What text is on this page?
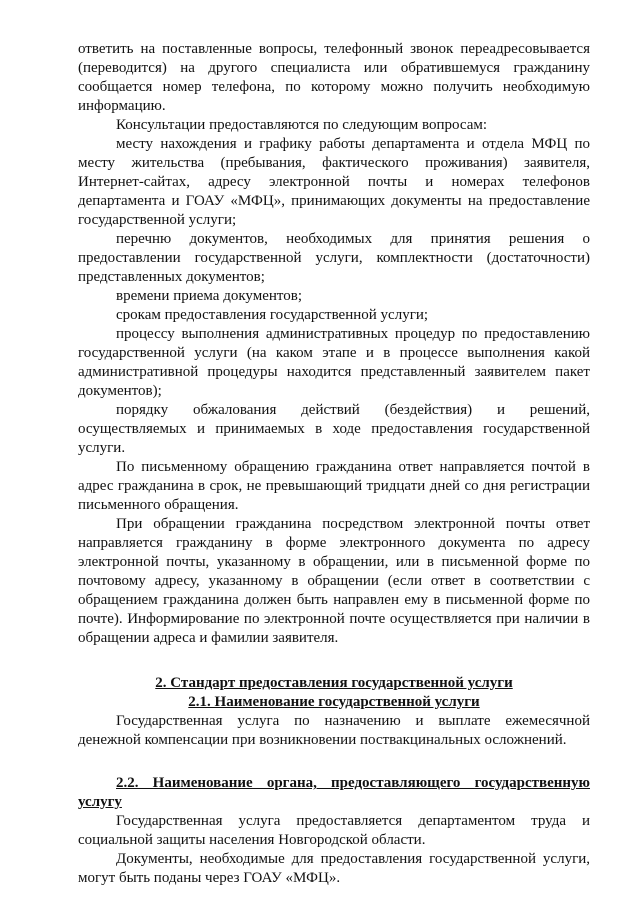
ответить на поставленные вопросы, телефонный звонок переадресовывается (переводится) на другого специалиста или обратившемуся гражданину сообщается номер телефона, по которому можно получить необходимую информацию.

Консультации предоставляются по следующим вопросам:

месту нахождения и графику работы департамента и отдела МФЦ по месту жительства (пребывания, фактического проживания) заявителя, Интернет-сайтах, адресу электронной почты и номерах телефонов департамента и ГОАУ «МФЦ», принимающих документы на предоставление государственной услуги;

перечню документов, необходимых для принятия решения о предоставлении государственной услуги, комплектности (достаточности) представленных документов;

времени приема документов;

срокам предоставления государственной услуги;

процессу выполнения административных процедур по предоставлению государственной услуги (на каком этапе и в процессе выполнения какой административной процедуры находится представленный заявителем пакет документов);

порядку обжалования действий (бездействия) и решений, осуществляемых и принимаемых в ходе предоставления государственной услуги.

По письменному обращению гражданина ответ направляется почтой в адрес гражданина в срок, не превышающий тридцати дней со дня регистрации письменного обращения.

При обращении гражданина посредством электронной почты ответ направляется гражданину в форме электронного документа по адресу электронной почты, указанному в обращении, или в письменной форме по почтовому адресу, указанному в обращении (если ответ в соответствии с обращением гражданина должен быть направлен ему в письменной форме по почте). Информирование по электронной почте осуществляется при наличии в обращении адреса и фамилии заявителя.

2. Стандарт предоставления государственной услуги
2.1. Наименование государственной услуги

Государственная услуга по назначению и выплате ежемесячной денежной компенсации при возникновении поствакцинальных осложнений.

2.2. Наименование органа, предоставляющего государственную услугу

Государственная услуга предоставляется департаментом труда и социальной защиты населения Новгородской области.

Документы, необходимые для предоставления государственной услуги, могут быть поданы через ГОАУ «МФЦ».
